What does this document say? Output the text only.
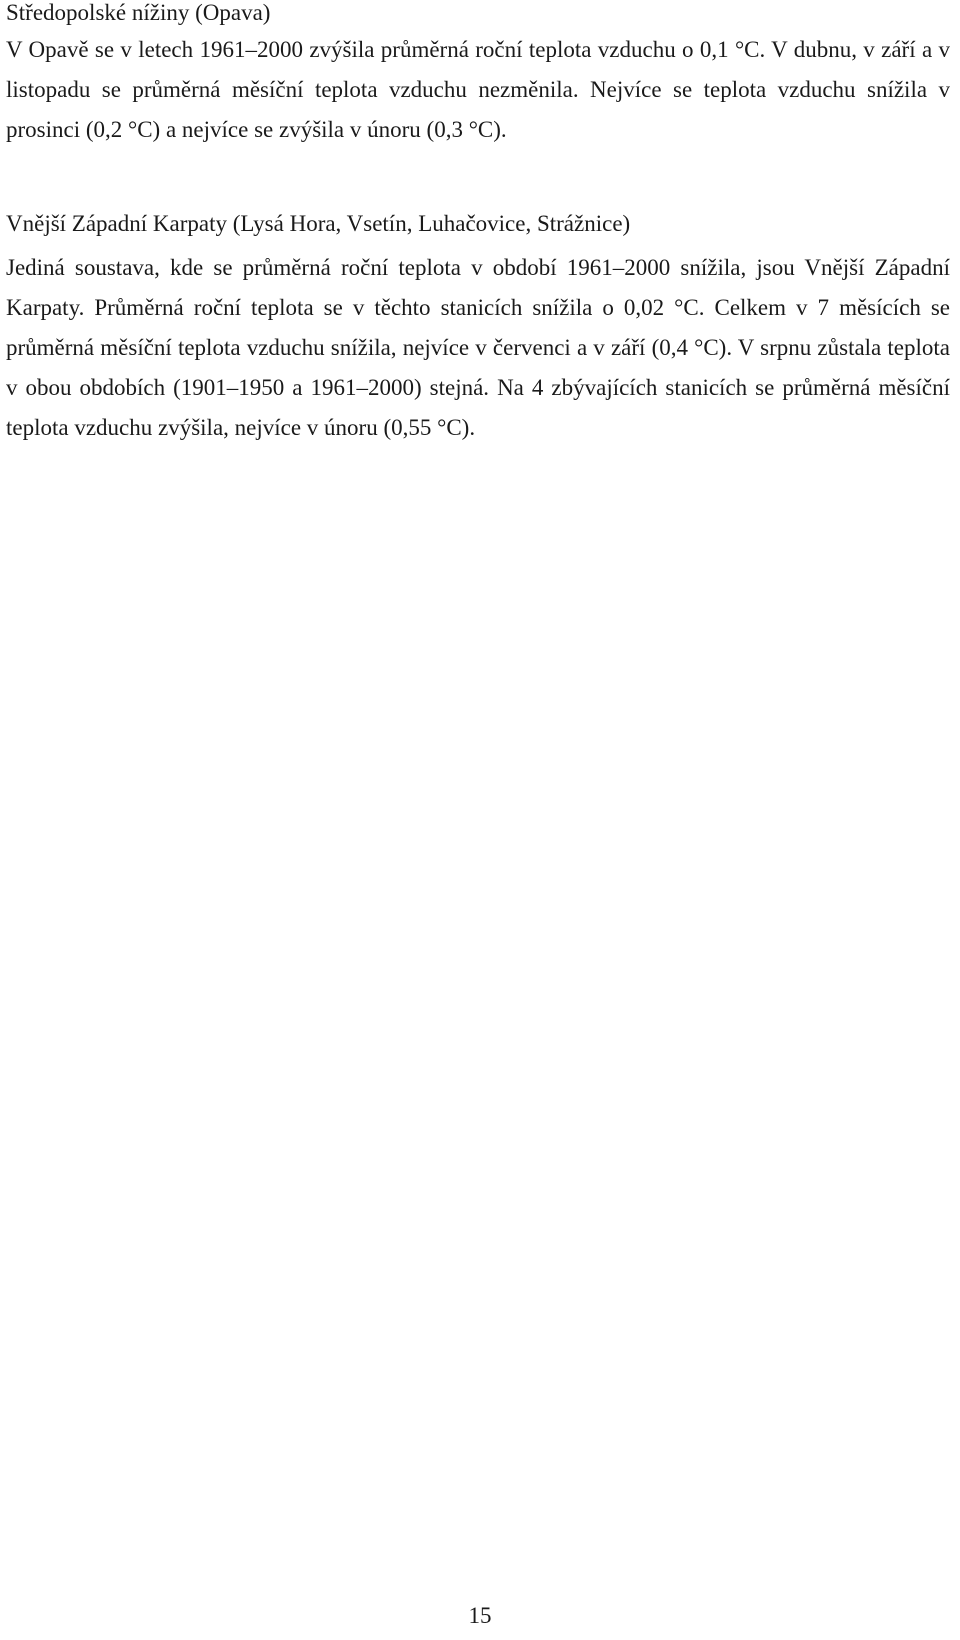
Středopolské nížiny (Opava)

V Opavě se v letech 1961–2000 zvýšila průměrná roční teplota vzduchu o 0,1 °C. V dubnu, v září a v listopadu se průměrná měsíční teplota vzduchu nezměnila. Nejvíce se teplota vzduchu snížila v prosinci (0,2 °C) a nejvíce se zvýšila v únoru (0,3 °C).

Vnější Západní Karpaty (Lysá Hora, Vsetín, Luhačovice, Strážnice)

Jediná soustava, kde se průměrná roční teplota v období 1961–2000 snížila, jsou Vnější Západní Karpaty. Průměrná roční teplota se v těchto stanicích snížila o 0,02 °C. Celkem v 7 měsících se průměrná měsíční teplota vzduchu snížila, nejvíce v červenci a v září (0,4 °C). V srpnu zůstala teplota v obou obdobích (1901–1950 a 1961–2000) stejná. Na 4 zbývajících stanicích se průměrná měsíční teplota vzduchu zvýšila, nejvíce v únoru (0,55 °C).

15
